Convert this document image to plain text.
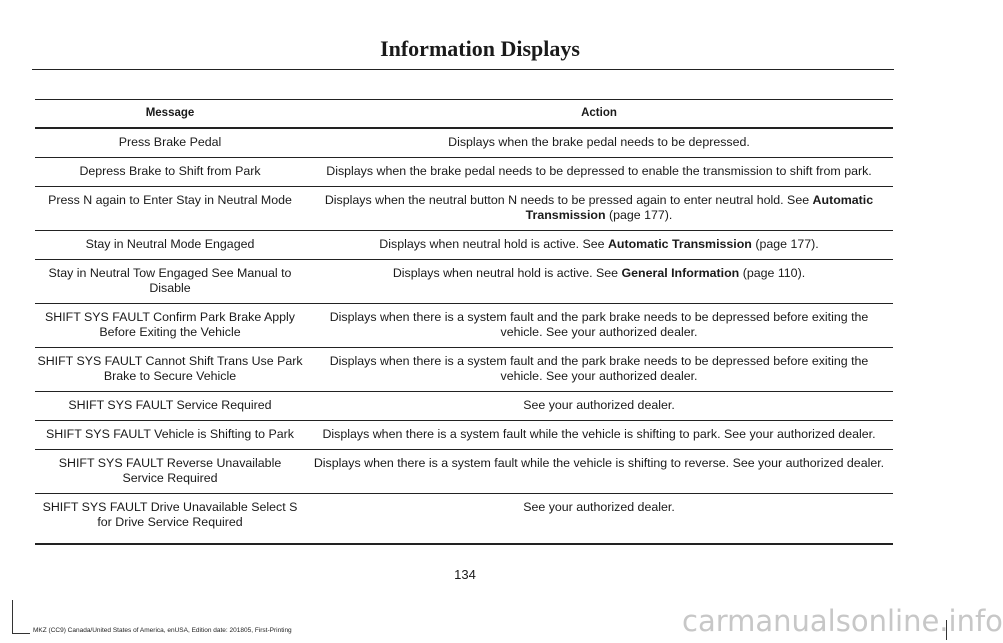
Information Displays
Message	Action
Press Brake Pedal	Displays when the brake pedal needs to be depressed.
Depress Brake to Shift from Park	Displays when the brake pedal needs to be depressed to enable the transmission to shift from park.
Press N again to Enter Stay in Neutral Mode	Displays when the neutral button N needs to be pressed again to enter neutral hold. See Automatic Transmission (page 177).
Stay in Neutral Mode Engaged	Displays when neutral hold is active. See Automatic Transmission (page 177).
Stay in Neutral Tow Engaged See Manual to Disable	Displays when neutral hold is active. See General Information (page 110).
SHIFT SYS FAULT Confirm Park Brake Apply Before Exiting the Vehicle	Displays when there is a system fault and the park brake needs to be depressed before exiting the vehicle. See your authorized dealer.
SHIFT SYS FAULT Cannot Shift Trans Use Park Brake to Secure Vehicle	Displays when there is a system fault and the park brake needs to be depressed before exiting the vehicle. See your authorized dealer.
SHIFT SYS FAULT Service Required	See your authorized dealer.
SHIFT SYS FAULT Vehicle is Shifting to Park	Displays when there is a system fault while the vehicle is shifting to park. See your authorized dealer.
SHIFT SYS FAULT Reverse Unavailable Service Required	Displays when there is a system fault while the vehicle is shifting to reverse. See your authorized dealer.
SHIFT SYS FAULT Drive Unavailable Select S for Drive Service Required	See your authorized dealer.
134
MKZ (CC9) Canada/United States of America, enUSA, Edition date: 201805, First-Printing	carmanualsonline.info
